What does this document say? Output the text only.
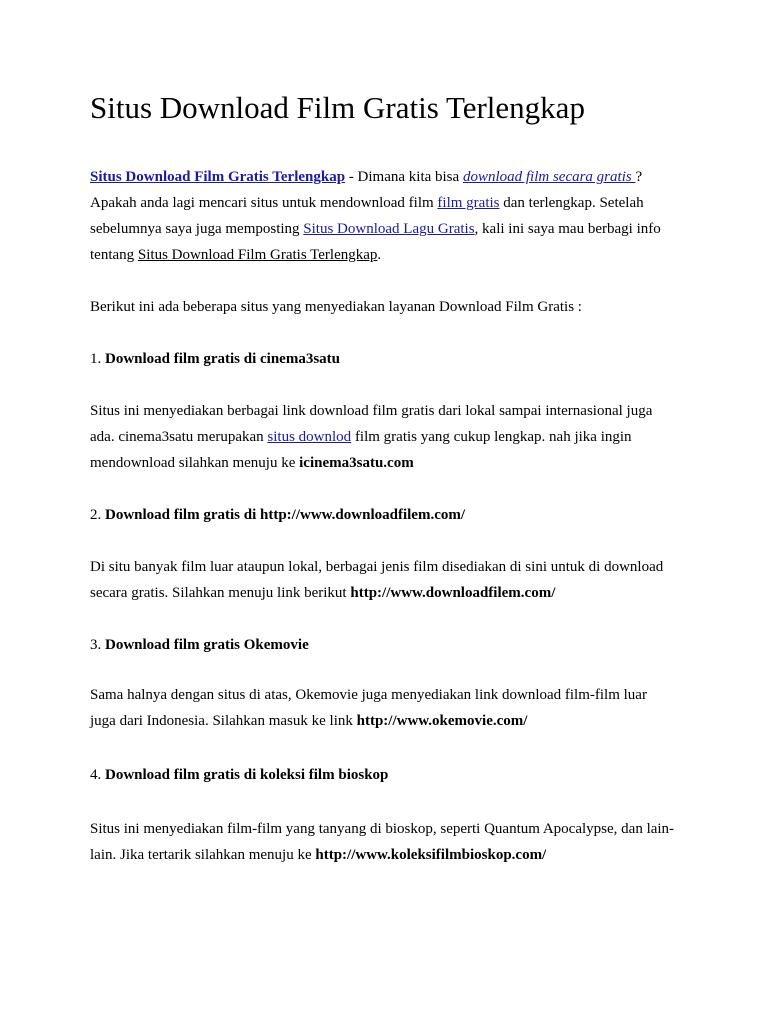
Situs Download Film Gratis Terlengkap

Situs Download Film Gratis Terlengkap - Dimana kita bisa download film secara gratis ?

Apakah anda lagi mencari situs untuk mendownload film film gratis dan terlengkap. Setelah

sebelumnya saya juga memposting Situs Download Lagu Gratis, kali ini saya mau berbagi info

tentang Situs Download Film Gratis Terlengkap.

Berikut ini ada beberapa situs yang menyediakan layanan Download Film Gratis :

1. Download film gratis di cinema3satu

Situs ini menyediakan berbagai link download film gratis dari lokal sampai internasional juga

ada. cinema3satu merupakan situs downlod film gratis yang cukup lengkap. nah jika ingin

mendownload silahkan menuju ke icinema3satu.com

2. Download film gratis di http://www.downloadfilem.com/

Di situ banyak film luar ataupun lokal, berbagai jenis film disediakan di sini untuk di download

secara gratis. Silahkan menuju link berikut http://www.downloadfilem.com/

3. Download film gratis Okemovie

Sama halnya dengan situs di atas, Okemovie juga menyediakan link download film-film luar

juga dari Indonesia. Silahkan masuk ke link http://www.okemovie.com/

4. Download film gratis di koleksi film bioskop

Situs ini menyediakan film-film yang tanyang di bioskop, seperti Quantum Apocalypse, dan lain-

lain. Jika tertarik silahkan menuju ke http://www.koleksifilmbioskop.com/
